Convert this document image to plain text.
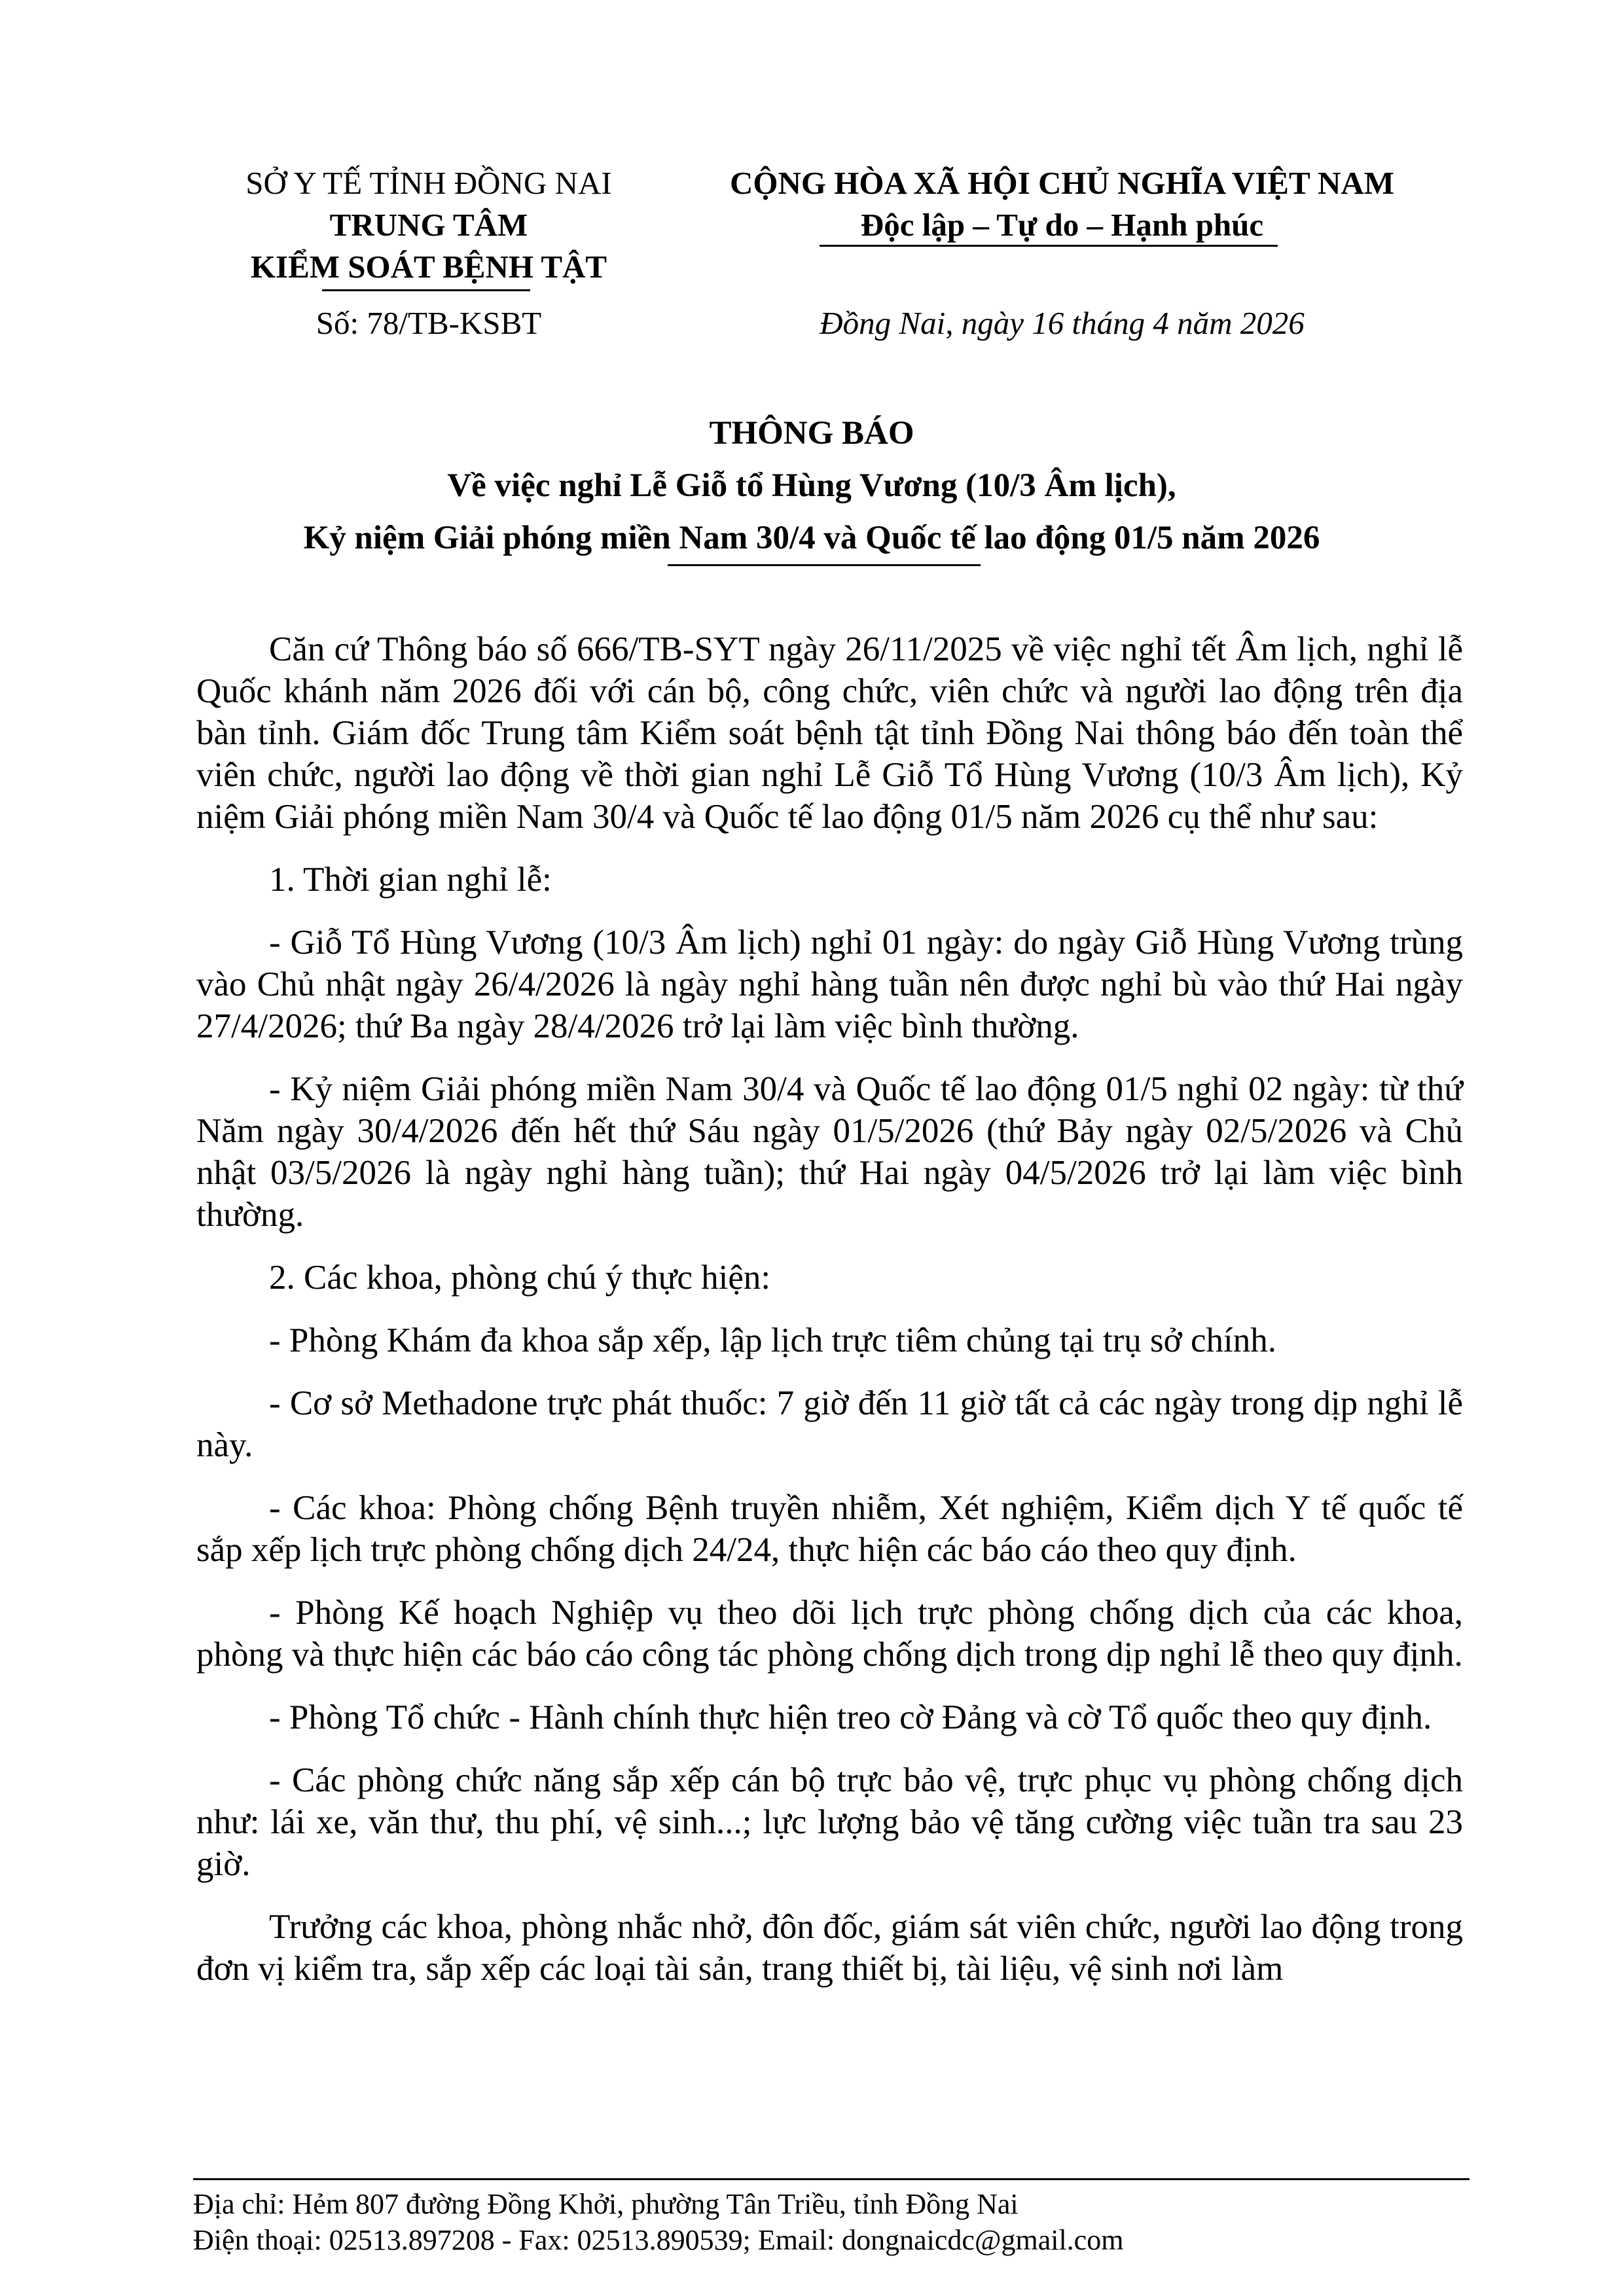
SỞ Y TẾ TỈNH ĐỒNG NAI
TRUNG TÂM
KIỂM SOÁT BỆNH TẬT
Số: 78/TB-KSBT
CỘNG HÒA XÃ HỘI CHỦ NGHĨA VIỆT NAM
Độc lập – Tự do – Hạnh phúc
Đồng Nai, ngày 16 tháng 4 năm 2026
THÔNG BÁO
Về việc nghỉ Lễ Giỗ tổ Hùng Vương (10/3 Âm lịch),
Kỷ niệm Giải phóng miền Nam 30/4 và Quốc tế lao động 01/5 năm 2026

Căn cứ Thông báo số 666/TB-SYT ngày 26/11/2025 về việc nghỉ tết Âm lịch, nghỉ lễ Quốc khánh năm 2026 đối với cán bộ, công chức, viên chức và người lao động trên địa bàn tỉnh. Giám đốc Trung tâm Kiểm soát bệnh tật tỉnh Đồng Nai thông báo đến toàn thể viên chức, người lao động về thời gian nghỉ Lễ Giỗ Tổ Hùng Vương (10/3 Âm lịch), Kỷ niệm Giải phóng miền Nam 30/4 và Quốc tế lao động 01/5 năm 2026 cụ thể như sau:

1. Thời gian nghỉ lễ:

- Giỗ Tổ Hùng Vương (10/3 Âm lịch) nghỉ 01 ngày: do ngày Giỗ Hùng Vương trùng vào Chủ nhật ngày 26/4/2026 là ngày nghỉ hàng tuần nên được nghỉ bù vào thứ Hai ngày 27/4/2026; thứ Ba ngày 28/4/2026 trở lại làm việc bình thường.

- Kỷ niệm Giải phóng miền Nam 30/4 và Quốc tế lao động 01/5 nghỉ 02 ngày: từ thứ Năm ngày 30/4/2026 đến hết thứ Sáu ngày 01/5/2026 (thứ Bảy ngày 02/5/2026 và Chủ nhật 03/5/2026 là ngày nghỉ hàng tuần); thứ Hai ngày 04/5/2026 trở lại làm việc bình thường.

2. Các khoa, phòng chú ý thực hiện:

- Phòng Khám đa khoa sắp xếp, lập lịch trực tiêm chủng tại trụ sở chính.

- Cơ sở Methadone trực phát thuốc: 7 giờ đến 11 giờ tất cả các ngày trong dịp nghỉ lễ này.

- Các khoa: Phòng chống Bệnh truyền nhiễm, Xét nghiệm, Kiểm dịch Y tế quốc tế sắp xếp lịch trực phòng chống dịch 24/24, thực hiện các báo cáo theo quy định.

- Phòng Kế hoạch Nghiệp vụ theo dõi lịch trực phòng chống dịch của các khoa, phòng và thực hiện các báo cáo công tác phòng chống dịch trong dịp nghỉ lễ theo quy định.

- Phòng Tổ chức - Hành chính thực hiện treo cờ Đảng và cờ Tổ quốc theo quy định.

- Các phòng chức năng sắp xếp cán bộ trực bảo vệ, trực phục vụ phòng chống dịch như: lái xe, văn thư, thu phí, vệ sinh...; lực lượng bảo vệ tăng cường việc tuần tra sau 23 giờ.

Trưởng các khoa, phòng nhắc nhở, đôn đốc, giám sát viên chức, người lao động trong đơn vị kiểm tra, sắp xếp các loại tài sản, trang thiết bị, tài liệu, vệ sinh nơi làm

Địa chỉ: Hẻm 807 đường Đồng Khởi, phường Tân Triều, tỉnh Đồng Nai
Điện thoại: 02513.897208 - Fax: 02513.890539; Email: dongnaicdc@gmail.com
